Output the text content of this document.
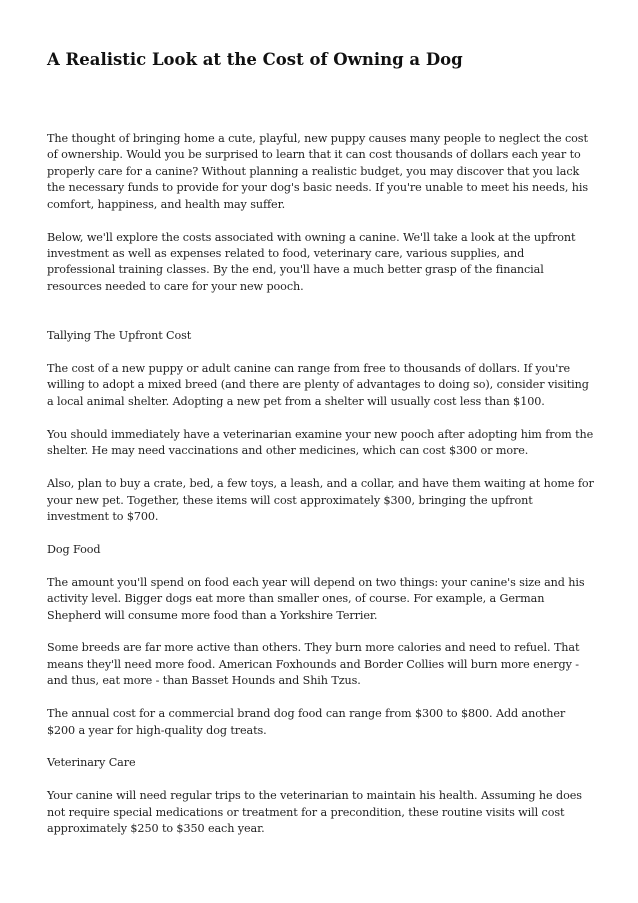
A Realistic Look at the Cost of Owning a Dog

The thought of bringing home a cute, playful, new puppy causes many people to neglect the cost of ownership. Would you be surprised to learn that it can cost thousands of dollars each year to properly care for a canine? Without planning a realistic budget, you may discover that you lack the necessary funds to provide for your dog's basic needs. If you're unable to meet his needs, his comfort, happiness, and health may suffer.

Below, we'll explore the costs associated with owning a canine. We'll take a look at the upfront investment as well as expenses related to food, veterinary care, various supplies, and professional training classes. By the end, you'll have a much better grasp of the financial resources needed to care for your new pooch.

Tallying The Upfront Cost

The cost of a new puppy or adult canine can range from free to thousands of dollars. If you're willing to adopt a mixed breed (and there are plenty of advantages to doing so), consider visiting a local animal shelter. Adopting a new pet from a shelter will usually cost less than $100.

You should immediately have a veterinarian examine your new pooch after adopting him from the shelter. He may need vaccinations and other medicines, which can cost $300 or more.

Also, plan to buy a crate, bed, a few toys, a leash, and a collar, and have them waiting at home for your new pet. Together, these items will cost approximately $300, bringing the upfront investment to $700.

Dog Food

The amount you'll spend on food each year will depend on two things: your canine's size and his activity level. Bigger dogs eat more than smaller ones, of course. For example, a German Shepherd will consume more food than a Yorkshire Terrier.

Some breeds are far more active than others. They burn more calories and need to refuel. That means they'll need more food. American Foxhounds and Border Collies will burn more energy - and thus, eat more - than Basset Hounds and Shih Tzus.

The annual cost for a commercial brand dog food can range from $300 to $800. Add another $200 a year for high-quality dog treats.

Veterinary Care

Your canine will need regular trips to the veterinarian to maintain his health. Assuming he does not require special medications or treatment for a precondition, these routine visits will cost approximately $250 to $350 each year.
